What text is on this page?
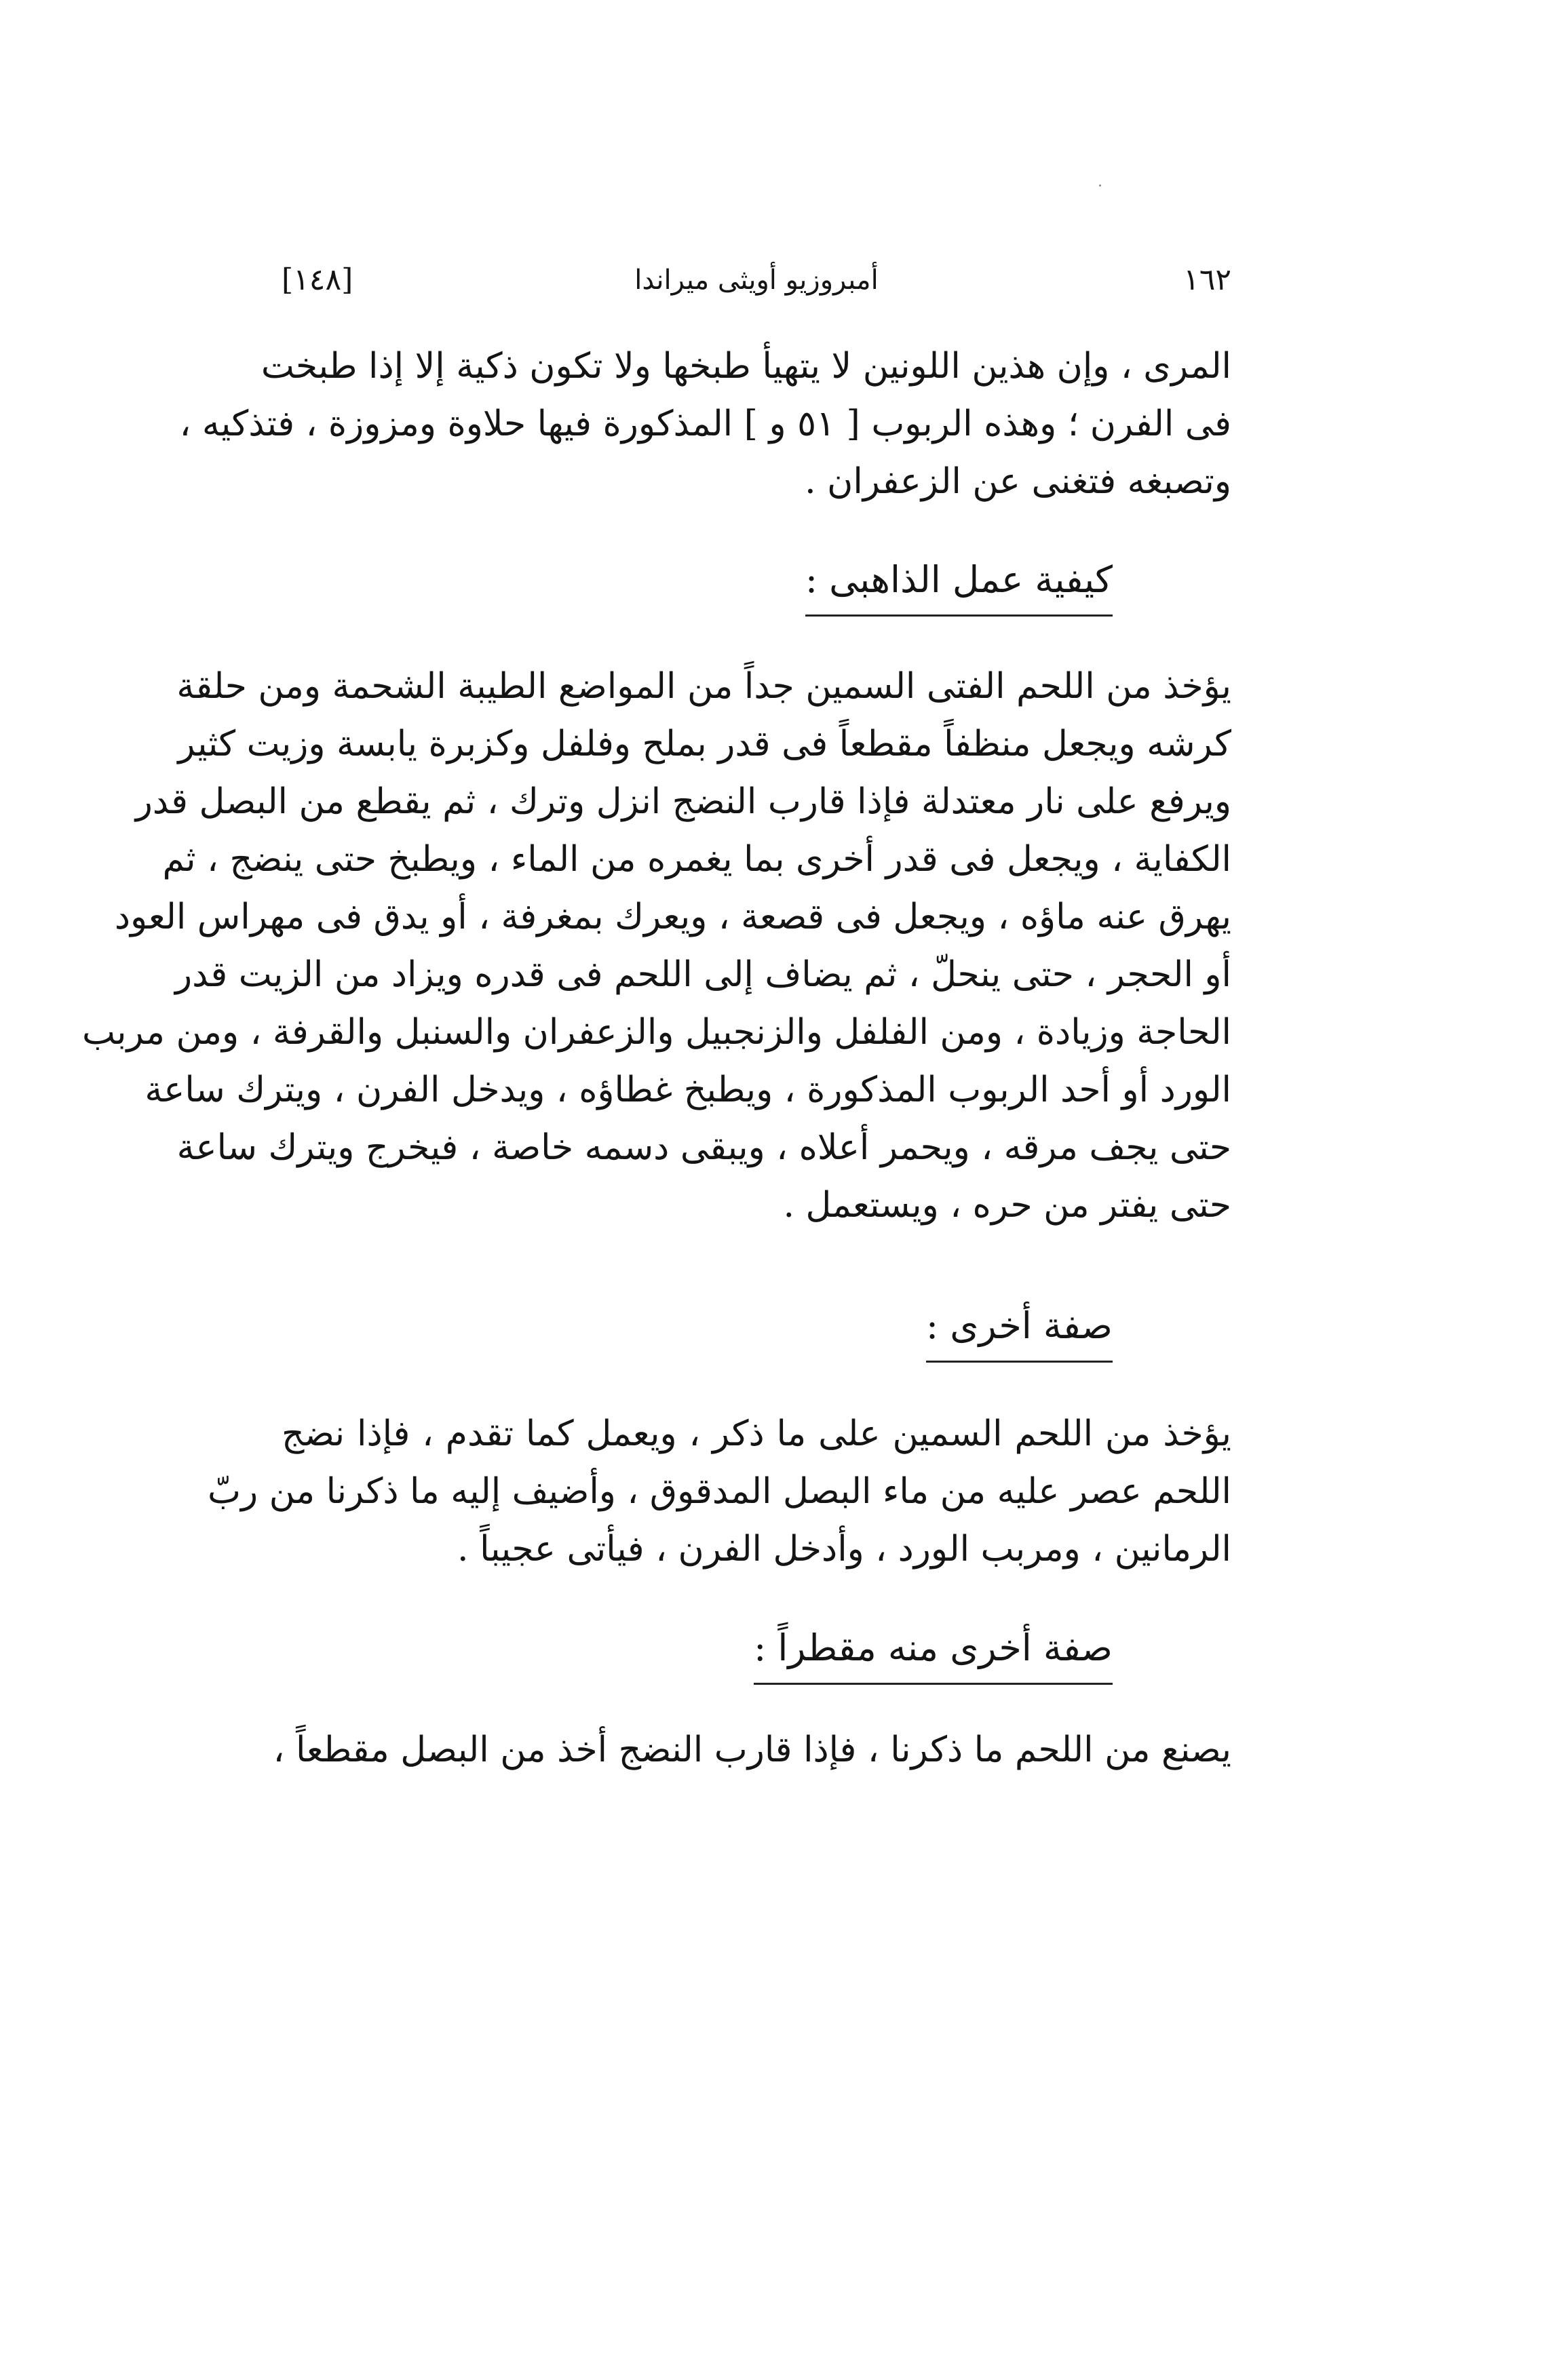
١٦٢
أمبروزيو أويثى ميراندا
[١٤٨]

المرى ، وإن هذين اللونين لا يتهيأ طبخها ولا تكون ذكية إلا إذا طبخت

فى الفرن ؛ وهذه الربوب [ ٥١ و ] المذكورة فيها حلاوة ومزوزة ، فتذكيه ،

وتصبغه فتغنى عن الزعفران .

كيفية عمل الذاهبى :

يؤخذ من اللحم الفتى السمين جداً من المواضع الطيبة الشحمة ومن حلقة

كرشه ويجعل منظفاً مقطعاً فى قدر بملح وفلفل وكزبرة يابسة وزيت كثير

ويرفع على نار معتدلة فإذا قارب النضج انزل وترك ، ثم يقطع من البصل قدر

الكفاية ، ويجعل فى قدر أخرى بما يغمره من الماء ، ويطبخ حتى ينضج ، ثم

يهرق عنه ماؤه ، ويجعل فى قصعة ، ويعرك بمغرفة ، أو يدق فى مهراس العود

أو الحجر ، حتى ينحلّ ، ثم يضاف إلى اللحم فى قدره ويزاد من الزيت قدر

الحاجة وزيادة ، ومن الفلفل والزنجبيل والزعفران والسنبل والقرفة ، ومن مربب

الورد أو أحد الربوب المذكورة ، ويطبخ غطاؤه ، ويدخل الفرن ، ويترك ساعة

حتى يجف مرقه ، ويحمر أعلاه ، ويبقى دسمه خاصة ، فيخرج ويترك ساعة

حتى يفتر من حره ، ويستعمل .

صفة أخرى :

يؤخذ من اللحم السمين على ما ذكر ، ويعمل كما تقدم ، فإذا نضج

اللحم عصر عليه من ماء البصل المدقوق ، وأضيف إليه ما ذكرنا من ربّ

الرمانين ، ومربب الورد ، وأدخل الفرن ، فيأتى عجيباً .

صفة أخرى منه مقطراً :

يصنع من اللحم ما ذكرنا ، فإذا قارب النضج أخذ من البصل مقطعاً ،
